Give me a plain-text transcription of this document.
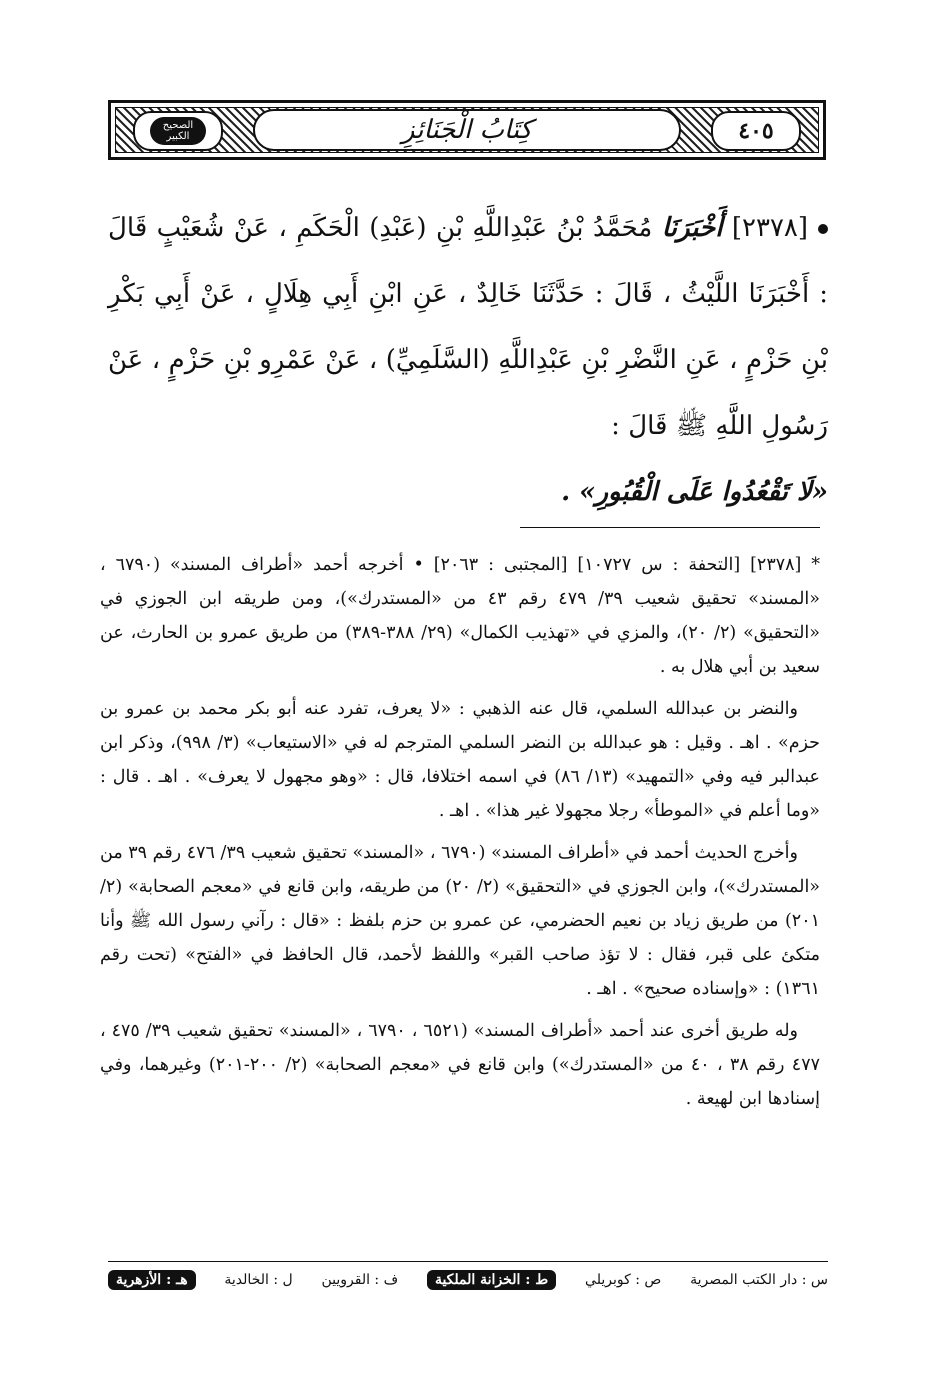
٤٠٥
كِتَابُ الْجَنَائِزِ
الصحيح الكبير
[٢٣٧٨] أَخْبَرَنَا مُحَمَّدُ بْنُ عَبْدِاللَّهِ بْنِ (عَبْدِ) الْحَكَمِ ، عَنْ شُعَيْبٍ قَالَ : أَخْبَرَنَا اللَّيْثُ ، قَالَ : حَدَّثَنَا خَالِدٌ ، عَنِ ابْنِ أَبِي هِلَالٍ ، عَنْ أَبِي بَكْرِ بْنِ حَزْمٍ ، عَنِ النَّضْرِ بْنِ عَبْدِاللَّهِ (السَّلَمِيِّ) ، عَنْ عَمْرِو بْنِ حَزْمٍ ، عَنْ رَسُولِ اللَّهِ ﷺ قَالَ :
«لَا تَقْعُدُوا عَلَى الْقُبُورِ» .

* [٢٣٧٨] [التحفة : س ١٠٧٢٧] [المجتبى : ٢٠٦٣] • أخرجه أحمد «أطراف المسند» (٦٧٩٠ ، «المسند» تحقيق شعيب ٣٩/ ٤٧٩ رقم ٤٣ من «المستدرك»)، ومن طريقه ابن الجوزي في «التحقيق» (٢/ ٢٠)، والمزي في «تهذيب الكمال» (٢٩/ ٣٨٨-٣٨٩) من طريق عمرو بن الحارث، عن سعيد بن أبي هلال به .

والنضر بن عبدالله السلمي، قال عنه الذهبي : «لا يعرف، تفرد عنه أبو بكر محمد بن عمرو بن حزم» . اهـ . وقيل : هو عبدالله بن النضر السلمي المترجم له في «الاستيعاب» (٣/ ٩٩٨)، وذكر ابن عبدالبر فيه وفي «التمهيد» (١٣/ ٨٦) في اسمه اختلافا، قال : «وهو مجهول لا يعرف» . اهـ . قال : «وما أعلم في «الموطأ» رجلا مجهولا غير هذا» . اهـ .

وأخرج الحديث أحمد في «أطراف المسند» (٦٧٩٠ ، «المسند» تحقيق شعيب ٣٩/ ٤٧٦ رقم ٣٩ من «المستدرك»)، وابن الجوزي في «التحقيق» (٢/ ٢٠) من طريقه، وابن قانع في «معجم الصحابة» (٢/ ٢٠١) من طريق زياد بن نعيم الحضرمي، عن عمرو بن حزم بلفظ : «قال : رآني رسول الله ﷺ وأنا متكئ على قبر، فقال : لا تؤذ صاحب القبر» واللفظ لأحمد، قال الحافظ في «الفتح» (تحت رقم ١٣٦١) : «وإسناده صحيح» . اهـ .

وله طريق أخرى عند أحمد «أطراف المسند» (٦٥٢١ ، ٦٧٩٠ ، «المسند» تحقيق شعيب ٣٩/ ٤٧٥ ، ٤٧٧ رقم ٣٨ ، ٤٠ من «المستدرك») وابن قانع في «معجم الصحابة» (٢/ ٢٠٠-٢٠١) وغيرهما، وفي إسنادها ابن لهيعة .

س : دار الكتب المصرية
ص : كوبريلي
ط : الخزانة الملكية
ف : القرويين
ل : الخالدية
هـ : الأزهرية
